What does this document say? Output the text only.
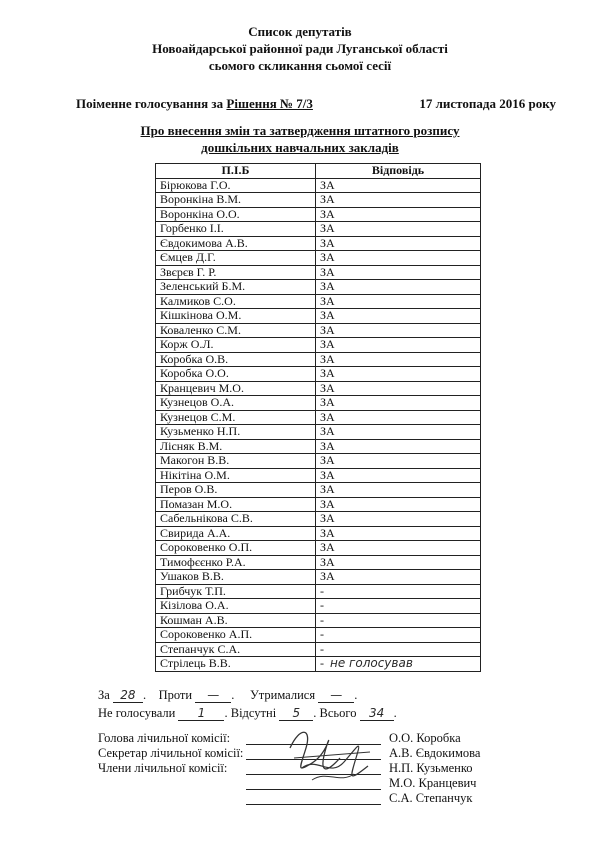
Список депутатів
Новоайдарської районної ради Луганської області
сьомого скликання сьомої сесії
Поіменне голосування за Рішення № 7/3	17 листопада 2016 року
Про внесення змін та затвердження штатного розпису
дошкільних навчальних закладів
П.І.Б	Відповідь
Бірюкова Г.О.	ЗА
Воронкіна В.М.	ЗА
Воронкіна О.О.	ЗА
Горбенко І.І.	ЗА
Євдокимова А.В.	ЗА
Ємцев Д.Г.	ЗА
Звєрєв Г. Р.	ЗА
Зеленський Б.М.	ЗА
Калмиков С.О.	ЗА
Кішкінова О.М.	ЗА
Коваленко С.М.	ЗА
Корж О.Л.	ЗА
Коробка О.В.	ЗА
Коробка О.О.	ЗА
Кранцевич М.О.	ЗА
Кузнецов О.А.	ЗА
Кузнецов С.М.	ЗА
Кузьменко Н.П.	ЗА
Лісняк В.М.	ЗА
Макогон В.В.	ЗА
Нікітіна О.М.	ЗА
Перов О.В.	ЗА
Помазан М.О.	ЗА
Сабельнікова С.В.	ЗА
Свирида А.А.	ЗА
Сороковенко О.П.	ЗА
Тимофєєнко Р.А.	ЗА
Ушаков В.В.	ЗА
Грибчук Т.П.	-
Кізілова О.А.	-
Кошман А.В.	-
Сороковенко А.П.	-
Степанчук С.А.	-
Стрілець В.В.	- не голосував
За 28 .    Проти — .     Утрималися — .
Не голосували 1 . Відсутні 5 . Всього 34 .
Голова лічильної комісії:
Секретар лічильної комісії:
Члени лічильної комісії:
О.О. Коробка
А.В. Євдокимова
Н.П. Кузьменко
М.О. Кранцевич
С.А. Степанчук
